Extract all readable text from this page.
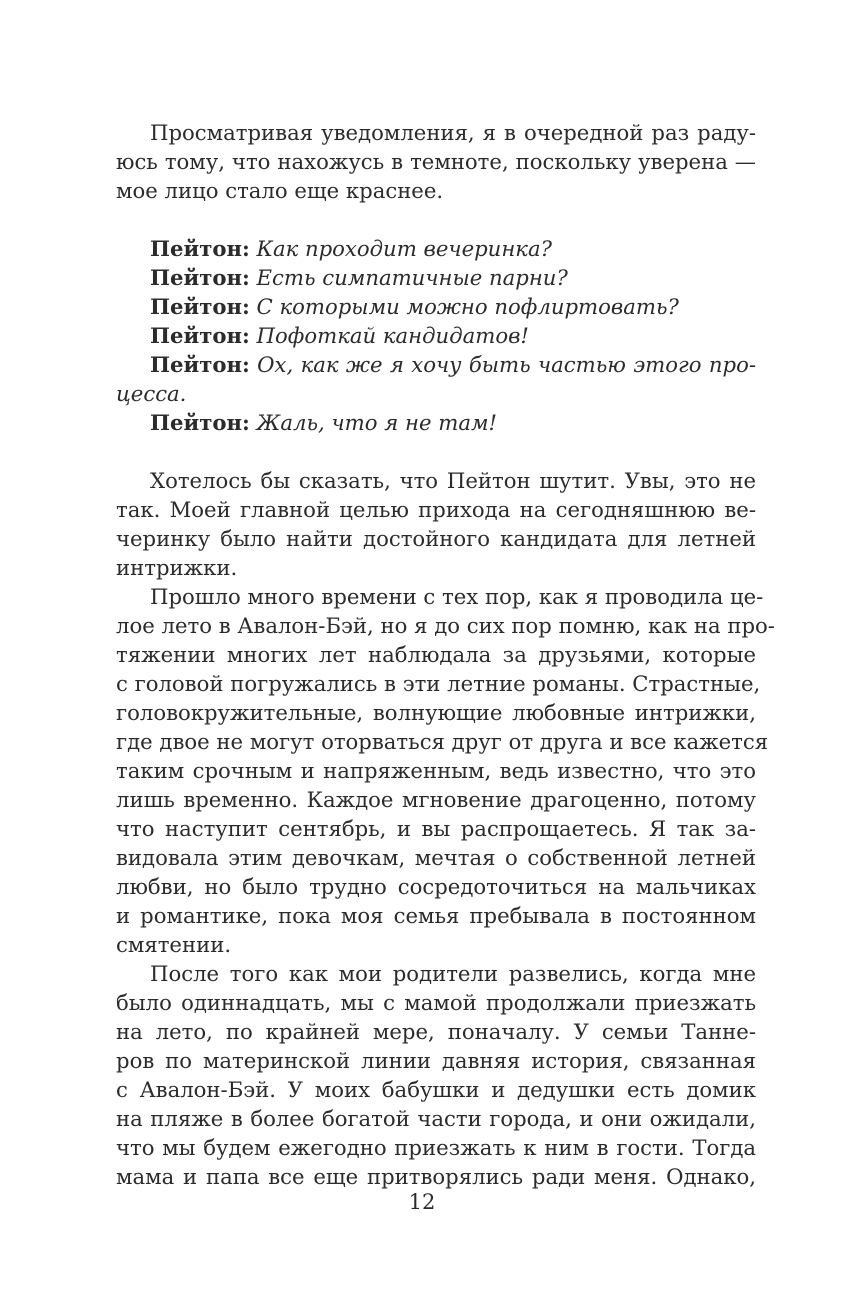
Просматривая уведомления, я в очередной раз раду-
юсь тому, что нахожусь в темноте, поскольку уверена —
мое лицо стало еще краснее.
Пейтон: Как проходит вечеринка?
Пейтон: Есть симпатичные парни?
Пейтон: С которыми можно пофлиртовать?
Пейтон: Пофоткай кандидатов!
Пейтон: Ох, как же я хочу быть частью этого про-
цесса.
Пейтон: Жаль, что я не там!
Хотелось бы сказать, что Пейтон шутит. Увы, это не
так. Моей главной целью прихода на сегодняшнюю ве-
черинку было найти достойного кандидата для летней
интрижки.
Прошло много времени с тех пор, как я проводила це-
лое лето в Авалон-Бэй, но я до сих пор помню, как на про-
тяжении многих лет наблюдала за друзьями, которые
с головой погружались в эти летние романы. Страстные,
головокружительные, волнующие любовные интрижки,
где двое не могут оторваться друг от друга и все кажется
таким срочным и напряженным, ведь известно, что это
лишь временно. Каждое мгновение драгоценно, потому
что наступит сентябрь, и вы распрощаетесь. Я так за-
видовала этим девочкам, мечтая о собственной летней
любви, но было трудно сосредоточиться на мальчиках
и романтике, пока моя семья пребывала в постоянном
смятении.
После того как мои родители развелись, когда мне
было одиннадцать, мы с мамой продолжали приезжать
на лето, по крайней мере, поначалу. У семьи Танне-
ров по материнской линии давняя история, связанная
с Авалон-Бэй. У моих бабушки и дедушки есть домик
на пляже в более богатой части города, и они ожидали,
что мы будем ежегодно приезжать к ним в гости. Тогда
мама и папа все еще притворялись ради меня. Однако,
12
